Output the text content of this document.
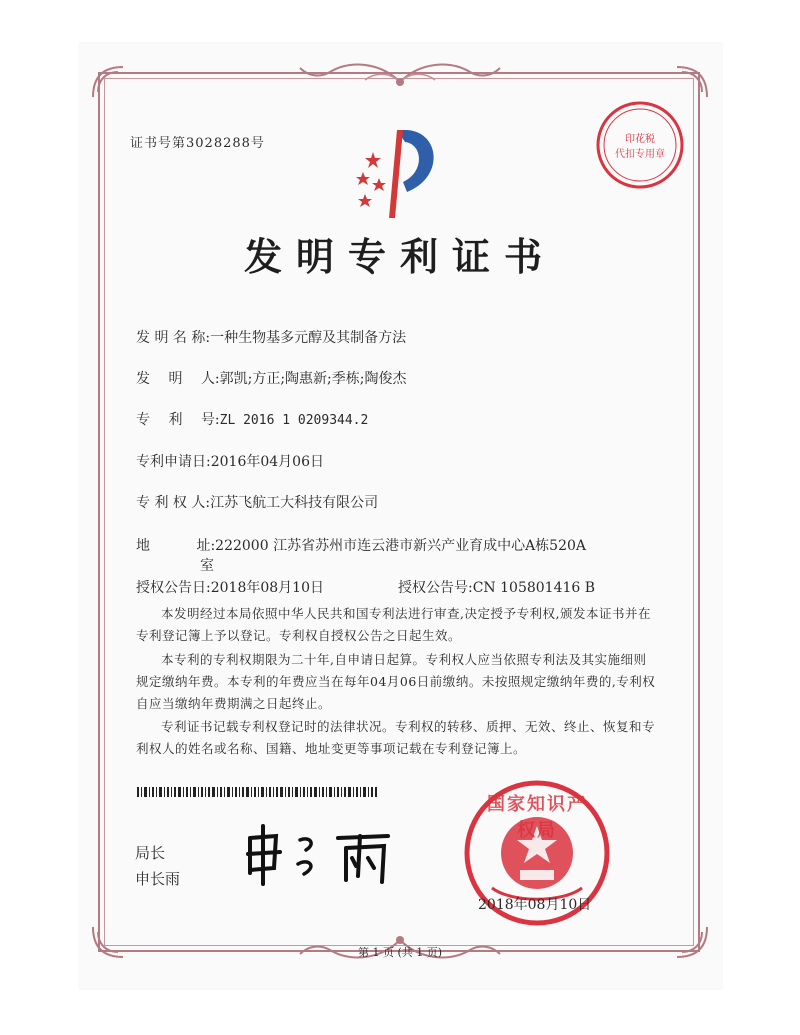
证书号第3028288号	印花税
代扣专用章
发明专利证书
发 明 名 称:一种生物基多元醇及其制备方法
发　 明　 人:郭凯;方正;陶惠新;季栋;陶俊杰
专　 利　 号:ZL 2016 1 0209344.2
专利申请日:2016年04月06日
专 利 权 人:江苏飞航工大科技有限公司
地　　　 址:222000 江苏省苏州市连云港市新兴产业育成中心A栋520A
室
授权公告日:2018年08月10日	授权公告号:CN 105801416 B
本发明经过本局依照中华人民共和国专利法进行审查,决定授予专利权,颁发本证书并在专利登记簿上予以登记。专利权自授权公告之日起生效。
本专利的专利权期限为二十年,自申请日起算。专利权人应当依照专利法及其实施细则规定缴纳年费。本专利的年费应当在每年04月06日前缴纳。未按照规定缴纳年费的,专利权自应当缴纳年费期满之日起终止。
专利证书记载专利权登记时的法律状况。专利权的转移、质押、无效、终止、恢复和专利权人的姓名或名称、国籍、地址变更等事项记载在专利登记簿上。
局长
申长雨
国家知识产权局
2018年08月10日
第 1 页 (共 1 页)
